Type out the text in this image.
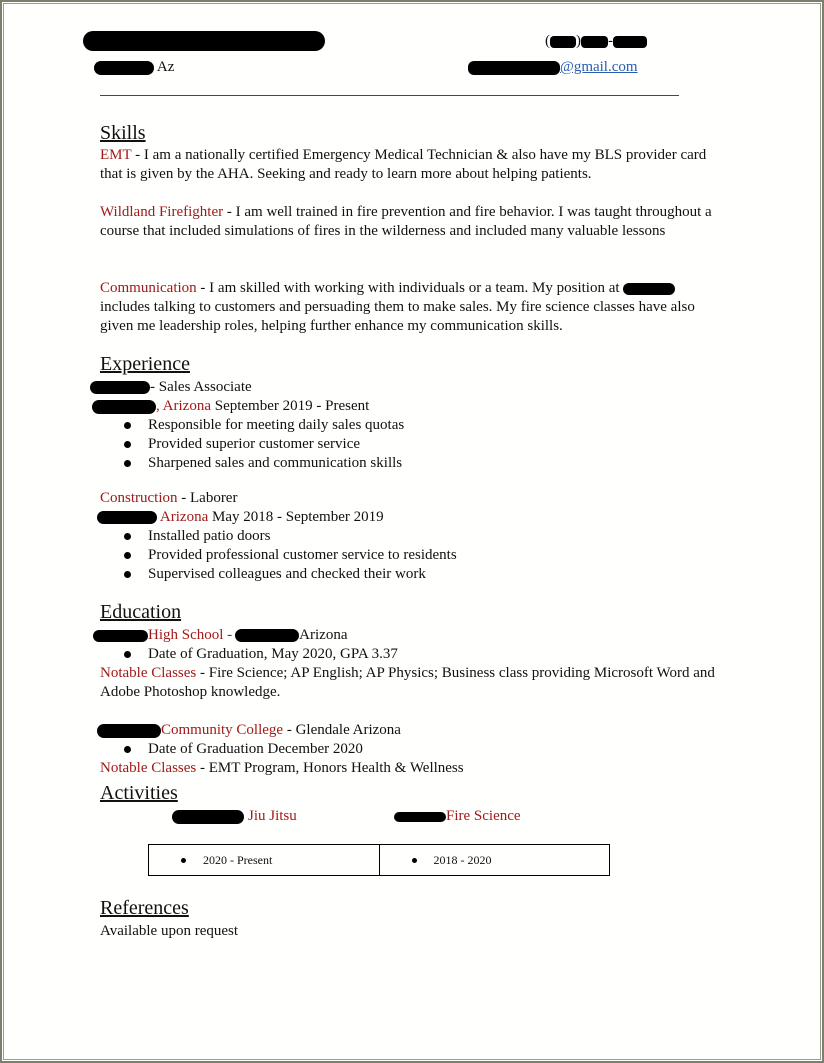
( ) -
Az	@gmail.com
Skills
EMT - I am a nationally certified Emergency Medical Technician & also have my BLS provider card that is given by the AHA. Seeking and ready to learn more about helping patients.
Wildland Firefighter - I am well trained in fire prevention and fire behavior. I was taught throughout a course that included simulations of fires in the wilderness and included many valuable lessons
Communication - I am skilled with working with individuals or a team. My position at  includes talking to customers and persuading them to make sales. My fire science classes have also given me leadership roles, helping further enhance my communication skills.
Experience
- Sales Associate
, Arizona September 2019 - Present
Responsible for meeting daily sales quotas
Provided superior customer service
Sharpened sales and communication skills
Construction - Laborer
Arizona May 2018 - September 2019
Installed patio doors
Provided professional customer service to residents
Supervised colleagues and checked their work
Education
High School -	Arizona
Date of Graduation, May 2020, GPA 3.37
Notable Classes - Fire Science; AP English; AP Physics; Business class providing Microsoft Word and Adobe Photoshop knowledge.
Community College - Glendale Arizona
Date of Graduation December 2020
Notable Classes - EMT Program, Honors Health & Wellness
Activities
Jiu Jitsu	Fire Science
2020 - Present	2018 - 2020
References
Available upon request
